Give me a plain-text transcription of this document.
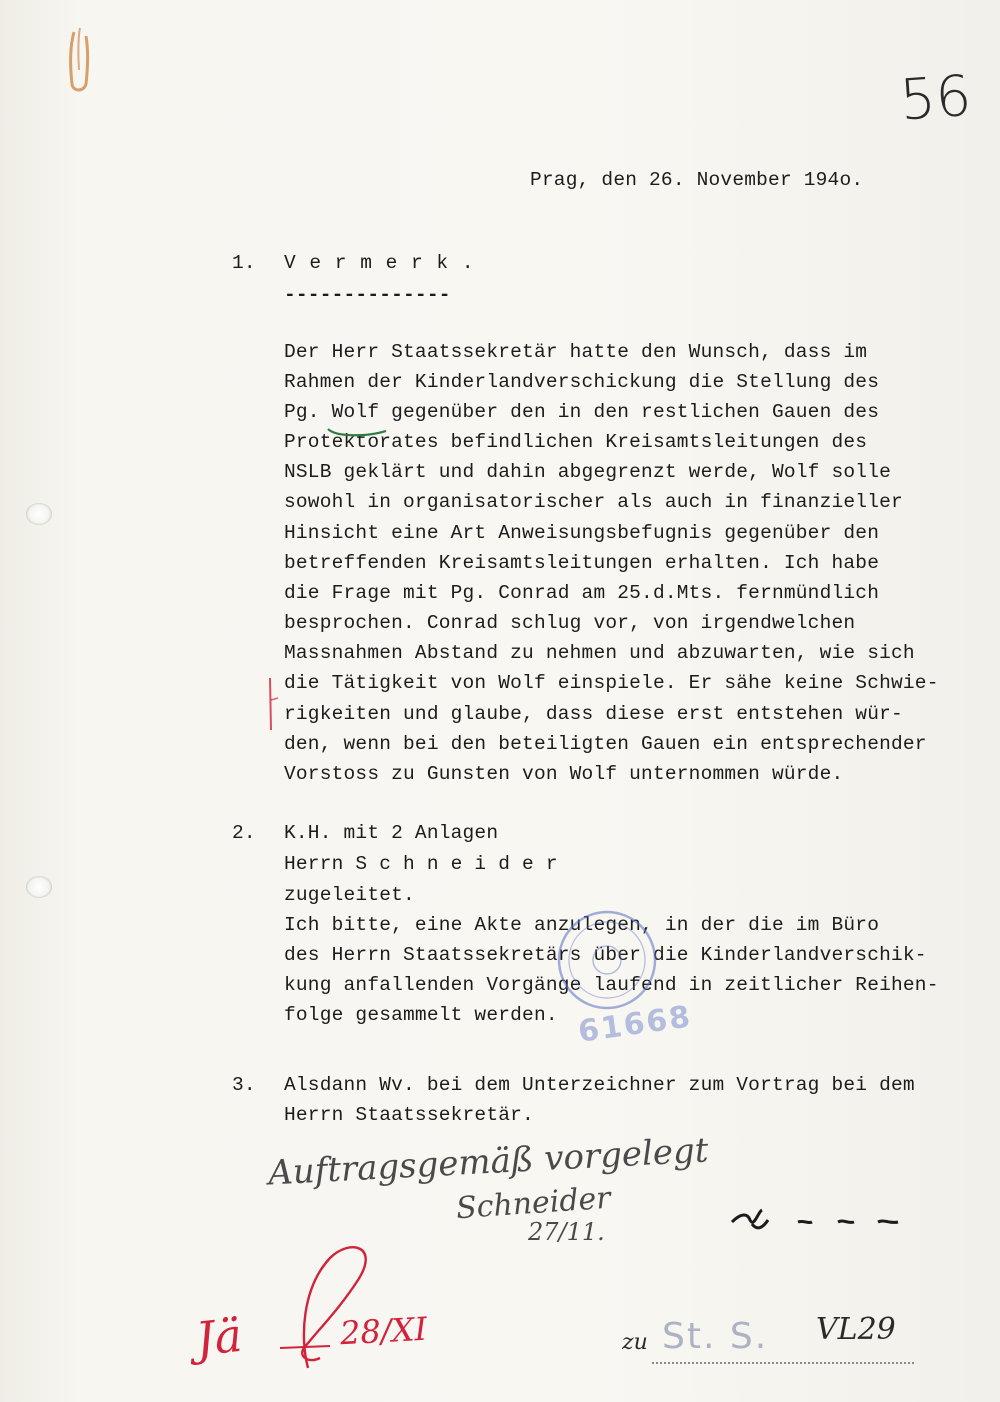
56
Prag, den 26. November 194o.
1. V e r m e r k .
--------------
Der Herr Staatssekretär hatte den Wunsch, dass im
Rahmen der Kinderlandverschickung die Stellung des
Pg. Wolf gegenüber den in den restlichen Gauen des
Protektorates befindlichen Kreisamtsleitungen des
NSLB geklärt und dahin abgegrenzt werde, Wolf solle
sowohl in organisatorischer als auch in finanzieller
Hinsicht eine Art Anweisungsbefugnis gegenüber den
betreffenden Kreisamtsleitungen erhalten. Ich habe
die Frage mit Pg. Conrad am 25.d.Mts. fernmündlich
besprochen. Conrad schlug vor, von irgendwelchen
Massnahmen Abstand zu nehmen und abzuwarten, wie sich
die Tätigkeit von Wolf einspiele. Er sähe keine Schwie-
rigkeiten und glaube, dass diese erst entstehen wür-
den, wenn bei den beteiligten Gauen ein entsprechender
Vorstoss zu Gunsten von Wolf unternommen würde.
2. K.H. mit 2 Anlagen
Herrn S c h n e i d e r
zugeleitet.
Ich bitte, eine Akte anzulegen, in der die im Büro
des Herrn Staatssekretärs über die Kinderlandverschik-
kung anfallenden Vorgänge laufend in zeitlicher Reihen-
folge gesammelt werden. 61668
3. Alsdann Wv. bei dem Unterzeichner zum Vortrag bei dem
Herrn Staatssekretär.
Auftragsgemäß vorgelegt
Schneider
27/11.
Jä	28/XI	zu St. S. VL29
